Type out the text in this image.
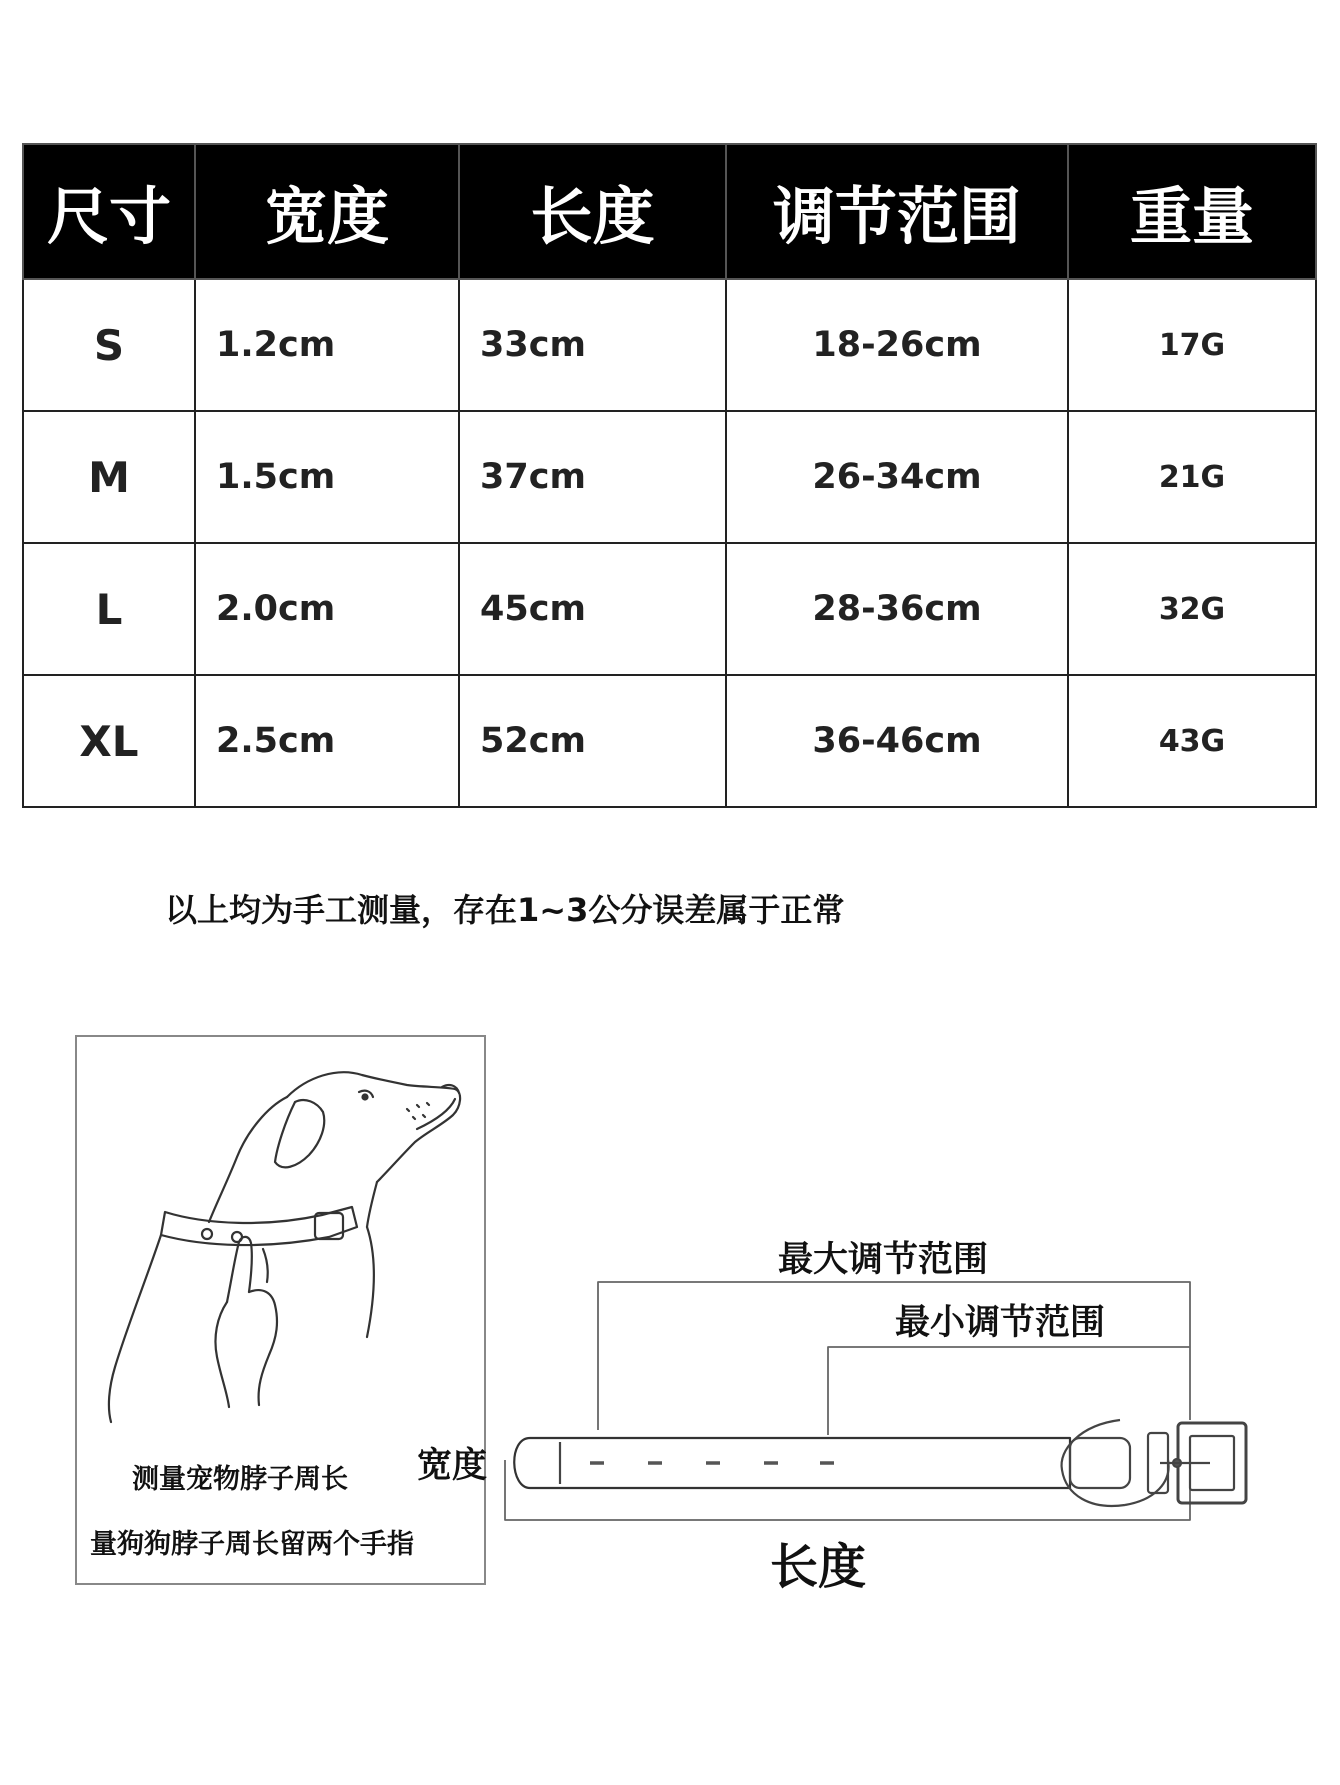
尺寸	宽度	长度	调节范围	重量
S	1.2cm	33cm	18-26cm	17G
M	1.5cm	37cm	26-34cm	21G
L	2.0cm	45cm	28-36cm	32G
XL	2.5cm	52cm	36-46cm	43G
以上均为手工测量，存在1~3公分误差属于正常
测量宠物脖子周长
量狗狗脖子周长留两个手指
最大调节范围
最小调节范围
宽度
长度
